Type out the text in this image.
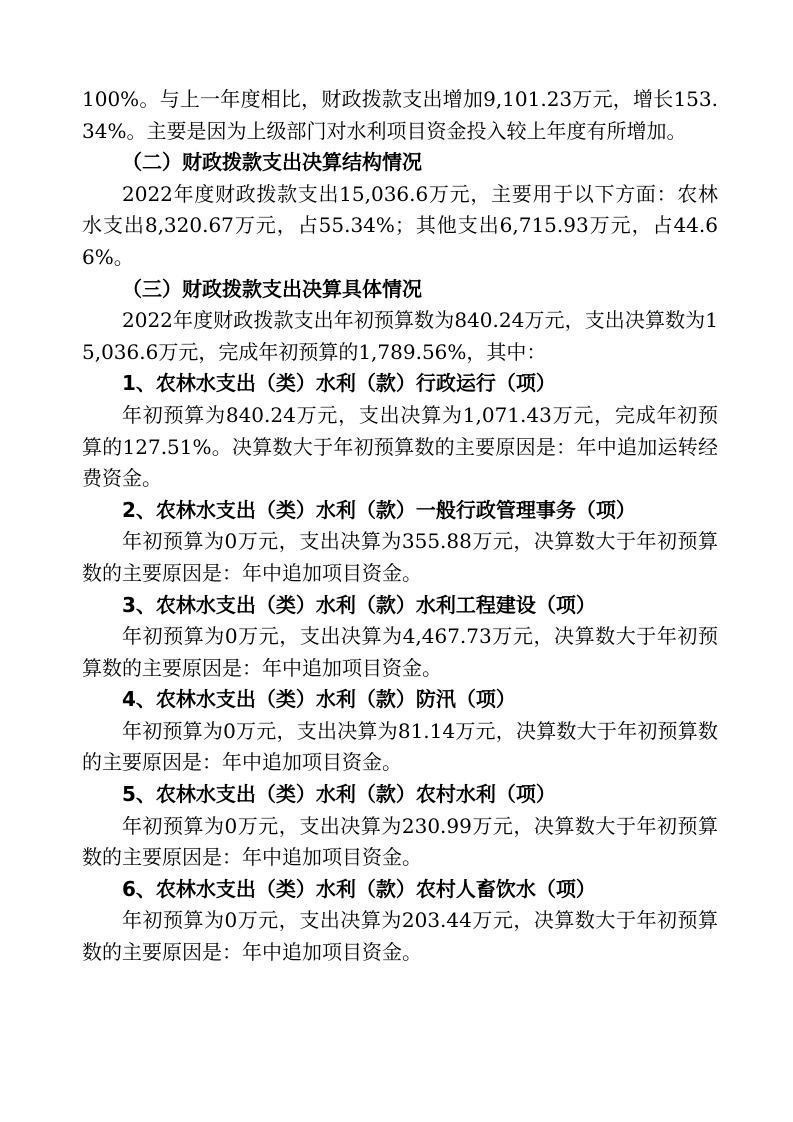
100%。与上一年度相比，财政拨款支出增加9,101.23万元，增长153.34%。主要是因为上级部门对水利项目资金投入较上年度有所增加。

（二）财政拨款支出决算结构情况

2022年度财政拨款支出15,036.6万元，主要用于以下方面：农林水支出8,320.67万元，占55.34%；其他支出6,715.93万元，占44.66%。

（三）财政拨款支出决算具体情况

2022年度财政拨款支出年初预算数为840.24万元，支出决算数为15,036.6万元，完成年初预算的1,789.56%，其中：

1、农林水支出（类）水利（款）行政运行（项）

年初预算为840.24万元，支出决算为1,071.43万元，完成年初预算的127.51%。决算数大于年初预算数的主要原因是：年中追加运转经费资金。

2、农林水支出（类）水利（款）一般行政管理事务（项）

年初预算为0万元，支出决算为355.88万元，决算数大于年初预算数的主要原因是：年中追加项目资金。

3、农林水支出（类）水利（款）水利工程建设（项）

年初预算为0万元，支出决算为4,467.73万元，决算数大于年初预算数的主要原因是：年中追加项目资金。

4、农林水支出（类）水利（款）防汛（项）

年初预算为0万元，支出决算为81.14万元，决算数大于年初预算数的主要原因是：年中追加项目资金。

5、农林水支出（类）水利（款）农村水利（项）

年初预算为0万元，支出决算为230.99万元，决算数大于年初预算数的主要原因是：年中追加项目资金。

6、农林水支出（类）水利（款）农村人畜饮水（项）

年初预算为0万元，支出决算为203.44万元，决算数大于年初预算数的主要原因是：年中追加项目资金。
